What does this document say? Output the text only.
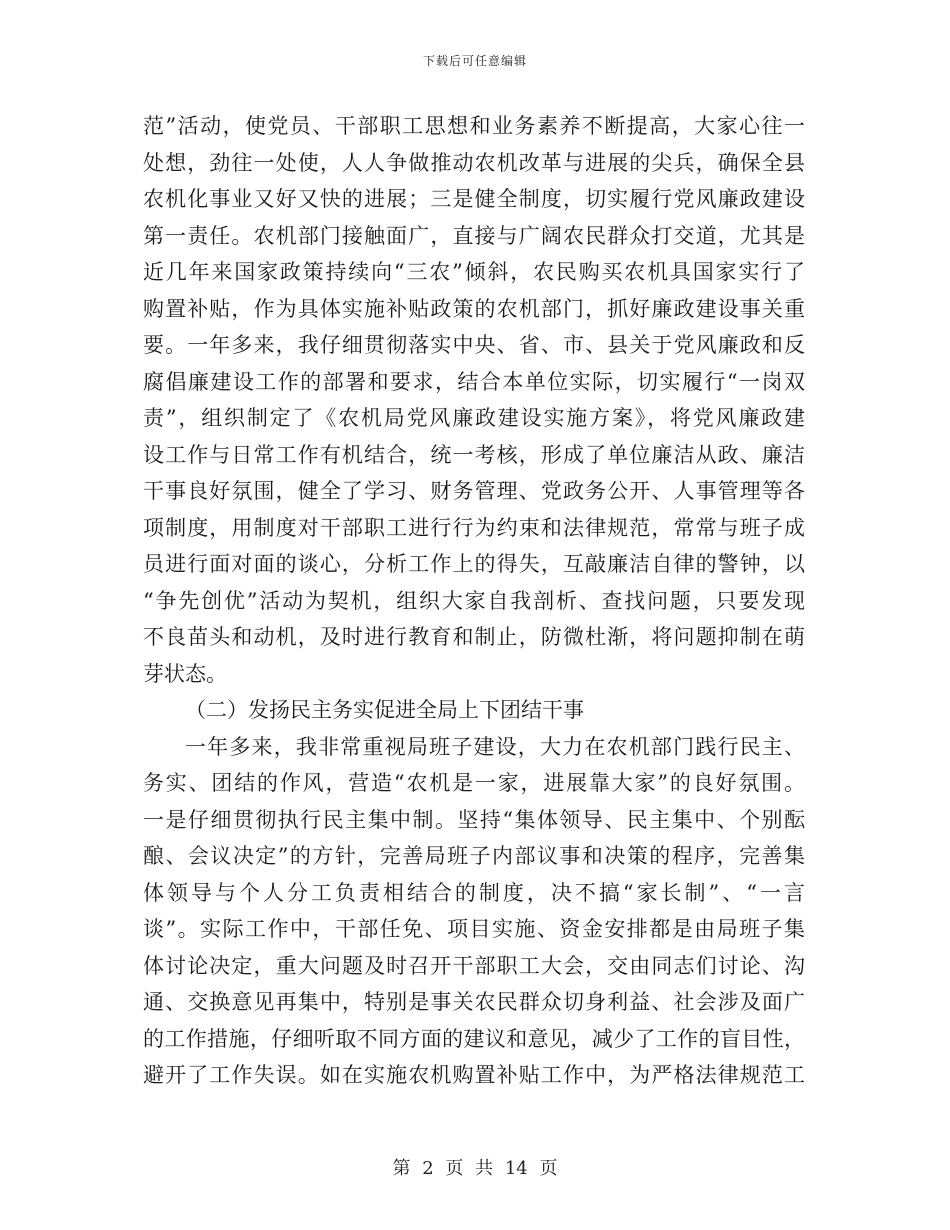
下载后可任意编辑
范”活动，使党员、干部职工思想和业务素养不断提高，大家心往一
处想，劲往一处使，人人争做推动农机改革与进展的尖兵，确保全县
农机化事业又好又快的进展；三是健全制度，切实履行党风廉政建设
第一责任。农机部门接触面广，直接与广阔农民群众打交道，尤其是
近几年来国家政策持续向“三农”倾斜，农民购买农机具国家实行了
购置补贴，作为具体实施补贴政策的农机部门，抓好廉政建设事关重
要。一年多来，我仔细贯彻落实中央、省、市、县关于党风廉政和反
腐倡廉建设工作的部署和要求，结合本单位实际，切实履行“一岗双
责”，组织制定了《农机局党风廉政建设实施方案》，将党风廉政建
设工作与日常工作有机结合，统一考核，形成了单位廉洁从政、廉洁
干事良好氛围，健全了学习、财务管理、党政务公开、人事管理等各
项制度，用制度对干部职工进行行为约束和法律规范，常常与班子成
员进行面对面的谈心，分析工作上的得失，互敲廉洁自律的警钟，以
“争先创优”活动为契机，组织大家自我剖析、查找问题，只要发现
不良苗头和动机，及时进行教育和制止，防微杜渐，将问题抑制在萌
芽状态。
（二）发扬民主务实促进全局上下团结干事
一年多来，我非常重视局班子建设，大力在农机部门践行民主、
务实、团结的作风，营造“农机是一家，进展靠大家”的良好氛围。
一是仔细贯彻执行民主集中制。坚持“集体领导、民主集中、个别酝
酿、会议决定”的方针，完善局班子内部议事和决策的程序，完善集
体领导与个人分工负责相结合的制度，决不搞“家长制”、“一言
谈”。实际工作中，干部任免、项目实施、资金安排都是由局班子集
体讨论决定，重大问题及时召开干部职工大会，交由同志们讨论、沟
通、交换意见再集中，特别是事关农民群众切身利益、社会涉及面广
的工作措施，仔细听取不同方面的建议和意见，减少了工作的盲目性，
避开了工作失误。如在实施农机购置补贴工作中，为严格法律规范工
第 2 页 共 14 页
